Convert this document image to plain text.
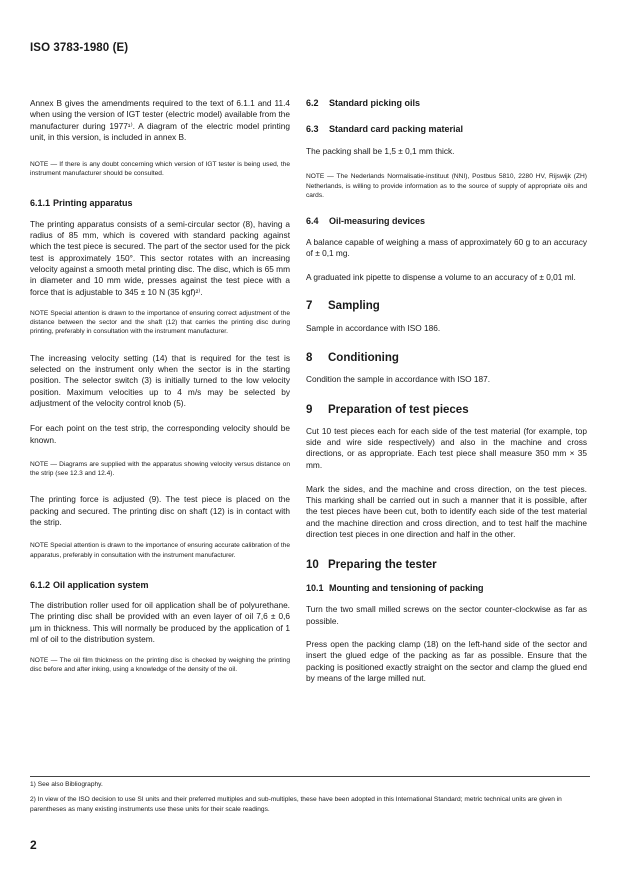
ISO 3783-1980 (E)

Annex B gives the amendments required to the text of 6.1.1 and 11.4 when using the version of IGT tester (electric model) available from the manufacturer during 1977¹⁾. A diagram of the electric model printing unit, in this version, is included in annex B.

NOTE — If there is any doubt concerning which version of IGT tester is being used, the instrument manufacturer should be consulted.

6.1.1 Printing apparatus

The printing apparatus consists of a semi-circular sector (8), having a radius of 85 mm, which is covered with standard packing against which the test piece is secured. The part of the sector used for the pick test is approximately 150°. This sector rotates with an increasing velocity against a smooth metal printing disc. The disc, which is 65 mm in diameter and 10 mm wide, presses against the test piece with a force that is adjustable to 345 ± 10 N (35 kgf)²⁾.

NOTE Special attention is drawn to the importance of ensuring correct adjustment of the distance between the sector and the shaft (12) that carries the printing disc during printing, preferably in consultation with the instrument manufacturer.

The increasing velocity setting (14) that is required for the test is selected on the instrument only when the sector is in the starting position. The selector switch (3) is initially turned to the low velocity position. Maximum velocities up to 4 m/s may be selected by adjustment of the velocity control knob (5).

For each point on the test strip, the corresponding velocity should be known.

NOTE — Diagrams are supplied with the apparatus showing velocity versus distance on the strip (see 12.3 and 12.4).

The printing force is adjusted (9). The test piece is placed on the packing and secured. The printing disc on shaft (12) is in contact with the strip.

NOTE Special attention is drawn to the importance of ensuring accurate calibration of the apparatus, preferably in consultation with the instrument manufacturer.

6.1.2 Oil application system

The distribution roller used for oil application shall be of polyurethane. The printing disc shall be provided with an even layer of oil 7,6 ± 0,6 µm in thickness. This will normally be produced by the application of 1 ml of oil to the distribution system.

NOTE — The oil film thickness on the printing disc is checked by weighing the printing disc before and after inking, using a knowledge of the density of the oil.

6.2 Standard picking oils
6.3 Standard card packing material

The packing shall be 1,5 ± 0,1 mm thick.

NOTE — The Nederlands Normalisatie-instituut (NNI), Postbus 5810, 2280 HV, Rijswijk (ZH) Netherlands, is willing to provide information as to the source of supply of appropriate oils and cards.

6.4 Oil-measuring devices

A balance capable of weighing a mass of approximately 60 g to an accuracy of ± 0,1 mg.

A graduated ink pipette to dispense a volume to an accuracy of ± 0,01 ml.

7 Sampling

Sample in accordance with ISO 186.

8 Conditioning

Condition the sample in accordance with ISO 187.

9 Preparation of test pieces

Cut 10 test pieces each for each side of the test material (for example, top side and wire side respectively) and also in the machine and cross directions, or as appropriate. Each test piece shall measure 350 mm × 35 mm.

Mark the sides, and the machine and cross direction, on the test pieces. This marking shall be carried out in such a manner that it is possible, after the test pieces have been cut, both to identify each side of the test material and the machine direction and cross direction, and to test half the machine direction test pieces in one direction and half in the other.

10 Preparing the tester
10.1 Mounting and tensioning of packing

Turn the two small milled screws on the sector counter-clockwise as far as possible.

Press open the packing clamp (18) on the left-hand side of the sector and insert the glued edge of the packing as far as possible. Ensure that the packing is positioned exactly straight on the sector and clamp the glued end by means of the large milled nut.

1) See also Bibliography.

2) In view of the ISO decision to use SI units and their preferred multiples and sub-multiples, these have been adopted in this International Standard; metric technical units are given in parentheses as many existing instruments use these units for their scale readings.

2
